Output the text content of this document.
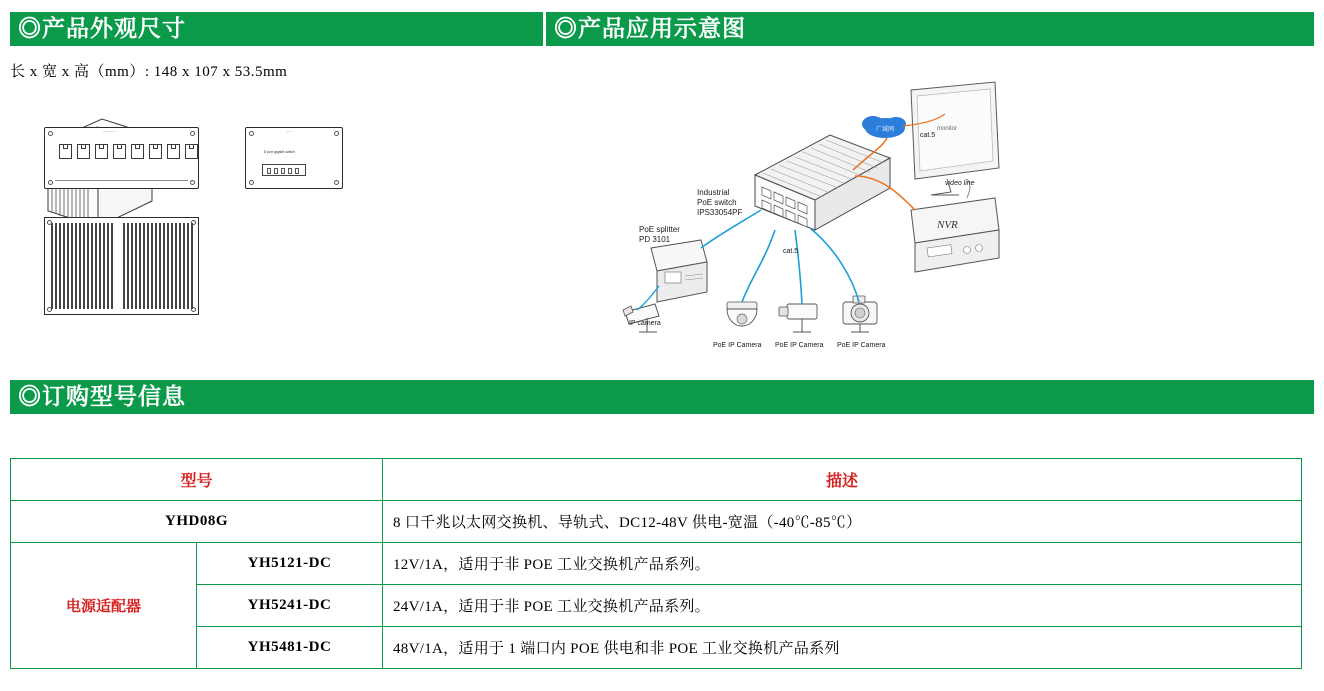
◎产品外观尺寸	◎产品应用示意图
◎订购型号信息
长 x 宽 x 高（mm）: 148 x 107 x 53.5mm
···········	·····
8 port gigabit switch
广域网	monitor
NVR
Industrial
PoE switch
IPS33054PF
PoE splitter
PD 3101
IP camera
cat.5
cat.5
video line
PoE IP Camera PoE IP Camera PoE IP Camera
型号		描述
YHD08G		8 口千兆以太网交换机、导轨式、DC12-48V 供电-宽温（-40℃-85℃）
电源适配器	YH5121-DC	12V/1A，适用于非 POE 工业交换机产品系列。
	YH5241-DC	24V/1A，适用于非 POE 工业交换机产品系列。
	YH5481-DC	48V/1A，适用于 1 端口内 POE 供电和非 POE 工业交换机产品系列
